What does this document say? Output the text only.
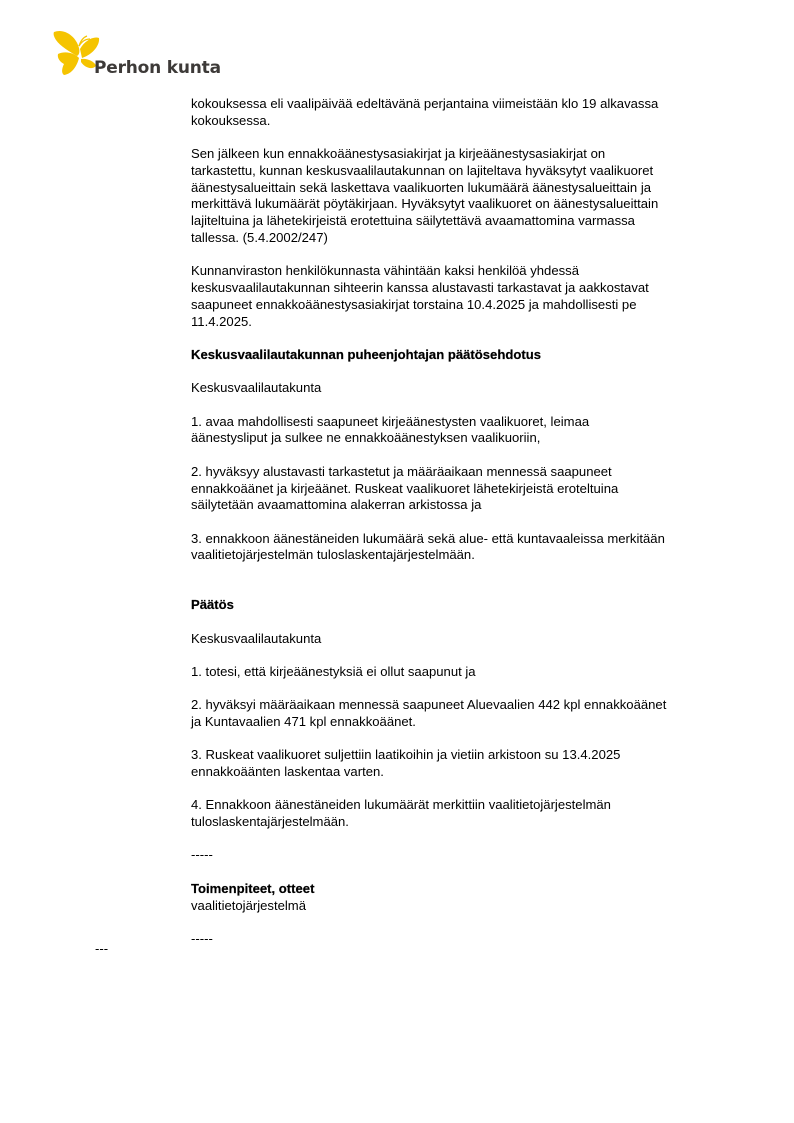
Perhon kunta

kokouksessa eli vaalipäivää edeltävänä perjantaina viimeistään klo 19 alkavassa
kokouksessa.

Sen jälkeen kun ennakkoäänestysasiakirjat ja kirjeäänestysasiakirjat on
tarkastettu, kunnan keskusvaalilautakunnan on lajiteltava hyväksytyt vaalikuoret
äänestysalueittain sekä laskettava vaalikuorten lukumäärä äänestysalueittain ja
merkittävä lukumäärät pöytäkirjaan. Hyväksytyt vaalikuoret on äänestysalueittain
lajiteltuina ja lähetekirjeistä erotettuina säilytettävä avaamattomina varmassa
tallessa. (5.4.2002/247)

Kunnanviraston henkilökunnasta vähintään kaksi henkilöä yhdessä
keskusvaalilautakunnan sihteerin kanssa alustavasti tarkastavat ja aakkostavat
saapuneet ennakkoäänestysasiakirjat torstaina 10.4.2025 ja mahdollisesti pe
11.4.2025.

Keskusvaalilautakunnan puheenjohtajan päätösehdotus

Keskusvaalilautakunta

1. avaa mahdollisesti saapuneet kirjeäänestysten vaalikuoret, leimaa
äänestysliput ja sulkee ne ennakkoäänestyksen vaalikuoriin,

2. hyväksyy alustavasti tarkastetut ja määräaikaan mennessä saapuneet
ennakkoäänet ja kirjeäänet. Ruskeat vaalikuoret lähetekirjeistä eroteltuina
säilytetään avaamattomina alakerran arkistossa ja

3. ennakkoon äänestäneiden lukumäärä sekä alue- että kuntavaaleissa merkitään
vaalitietojärjestelmän tuloslaskentajärjestelmään.

Päätös

Keskusvaalilautakunta

1. totesi, että kirjeäänestyksiä ei ollut saapunut ja

2. hyväksyi määräaikaan mennessä saapuneet Aluevaalien 442 kpl ennakkoäänet
ja Kuntavaalien 471 kpl ennakkoäänet.

3. Ruskeat vaalikuoret suljettiin laatikoihin ja vietiin arkistoon su 13.4.2025
ennakkoäänten laskentaa varten.

4. Ennakkoon äänestäneiden lukumäärät merkittiin vaalitietojärjestelmän
tuloslaskentajärjestelmään.

-----

Toimenpiteet, otteet

vaalitietojärjestelmä

-----

---
